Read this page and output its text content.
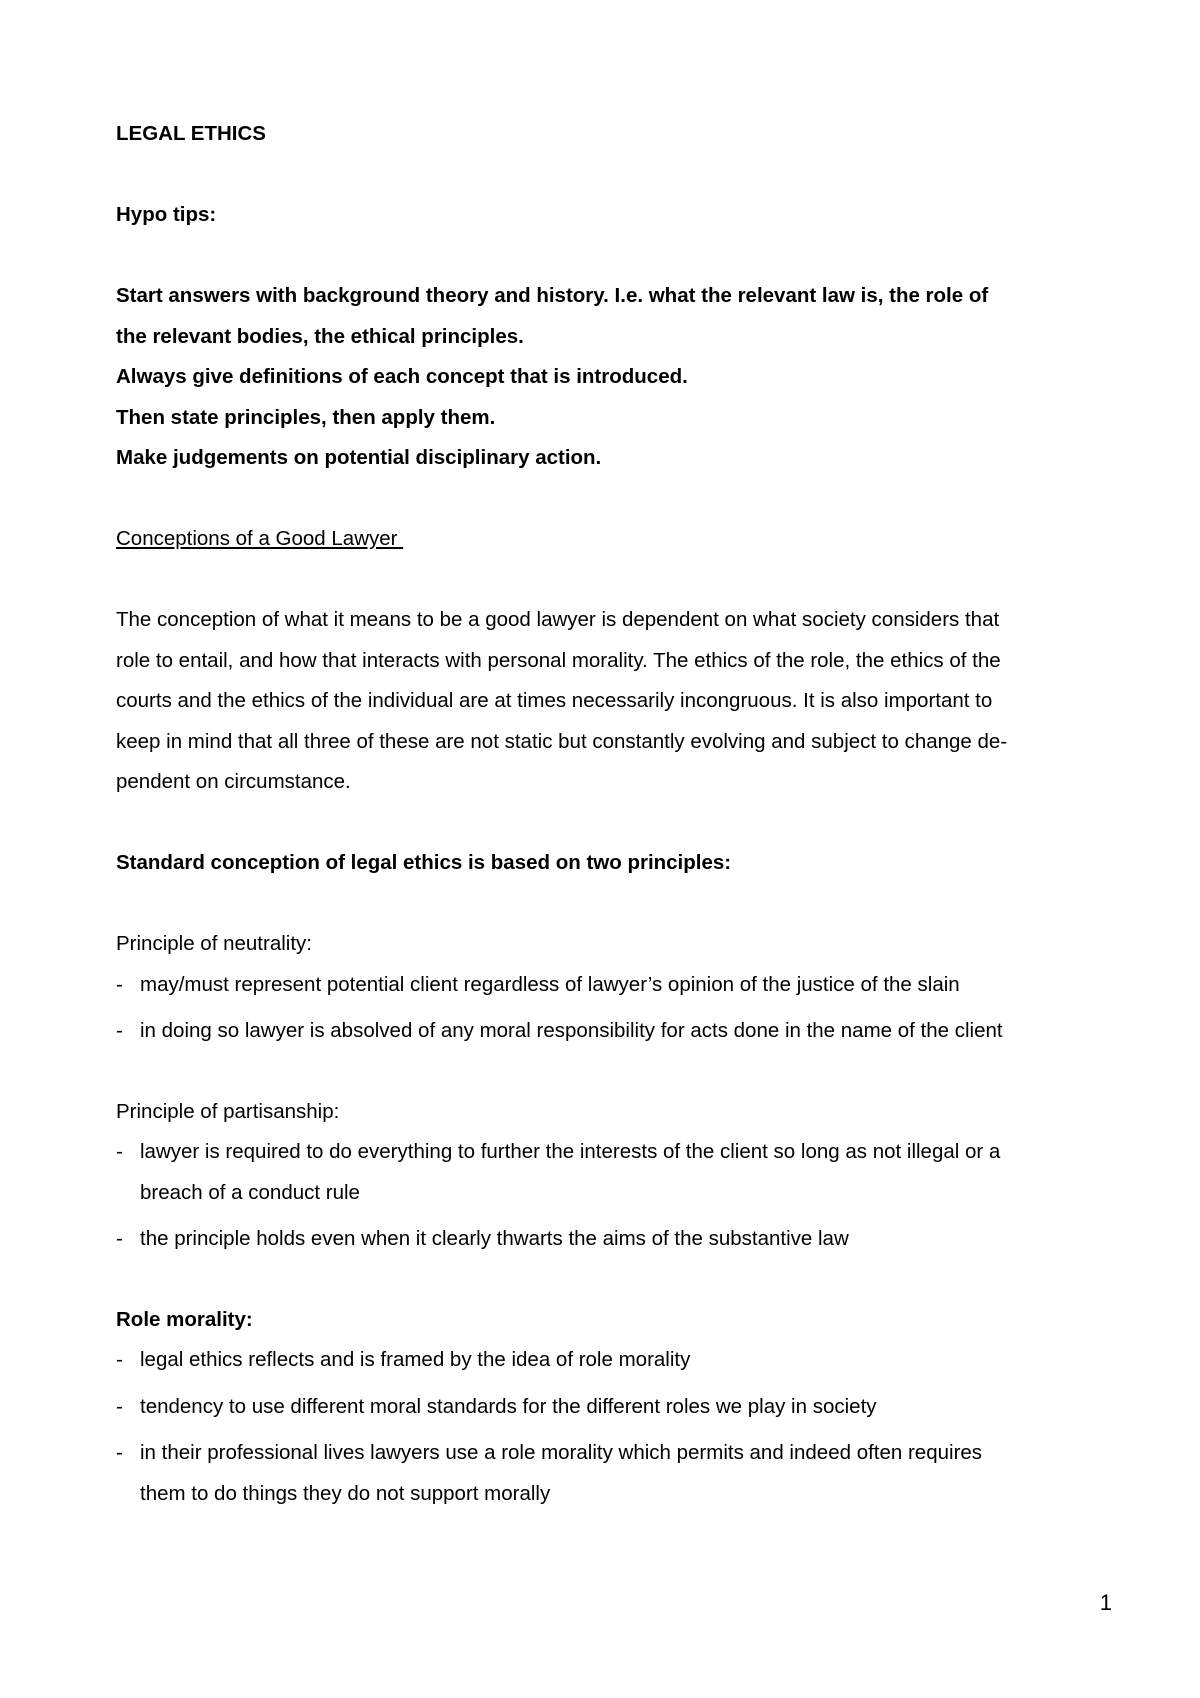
LEGAL ETHICS
Hypo tips:
Start answers with background theory and history. I.e. what the relevant law is, the role of
the relevant bodies, the ethical principles.
Always give definitions of each concept that is introduced.
Then state principles, then apply them.
Make judgements on potential disciplinary action.
Conceptions of a Good Lawyer
The conception of what it means to be a good lawyer is dependent on what society considers that
role to entail, and how that interacts with personal morality. The ethics of the role, the ethics of the
courts and the ethics of the individual are at times necessarily incongruous. It is also important to
keep in mind that all three of these are not static but constantly evolving and subject to change de-
pendent on circumstance.
Standard conception of legal ethics is based on two principles:
Principle of neutrality:
- may/must represent potential client regardless of lawyer’s opinion of the justice of the slain
- in doing so lawyer is absolved of any moral responsibility for acts done in the name of the client
Principle of partisanship:
- lawyer is required to do everything to further the interests of the client so long as not illegal or a
breach of a conduct rule
- the principle holds even when it clearly thwarts the aims of the substantive law
Role morality:
- legal ethics reflects and is framed by the idea of role morality
- tendency to use different moral standards for the different roles we play in society
- in their professional lives lawyers use a role morality which permits and indeed often requires
them to do things they do not support morally
1
